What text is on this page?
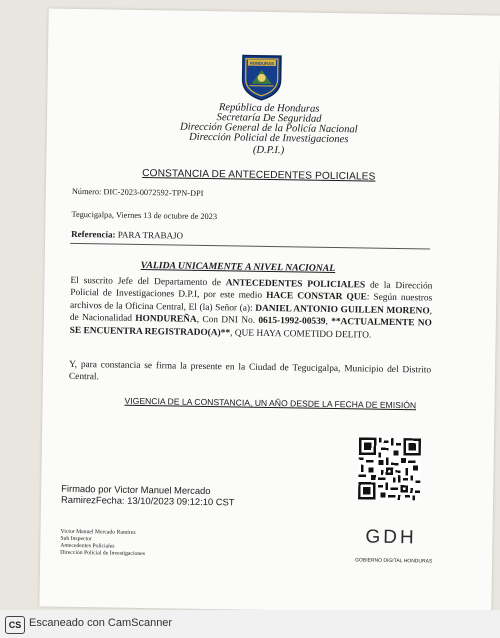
HONDURAS
República de Honduras
Secretaría De Seguridad
Dirección General de la Policía Nacional
Dirección Policial de Investigaciones
(D.P.I.)
CONSTANCIA DE ANTECEDENTES POLICIALES
Número: DIC-2023-0072592-TPN-DPI
Tegucigalpa, Viernes 13 de octubre de 2023
Referencia: PARA TRABAJO
VALIDA UNICAMENTE A NIVEL NACIONAL
El suscrito Jefe del Departamento de ANTECEDENTES POLICIALES de la Dirección Policial de Investigaciones D.P.I, por este medio HACE CONSTAR QUE: Según nuestros archivos de la Oficina Central, El (la) Señor (a): DANIEL ANTONIO GUILLEN MORENO, de Nacionalidad HONDUREÑA, Con DNI No. 0615-1992-00539, **ACTUALMENTE NO SE ENCUENTRA REGISTRADO(A)**, QUE HAYA COMETIDO DELITO.
Y, para constancia se firma la presente en la Ciudad de Tegucigalpa, Municipio del Distrito Central.
VIGENCIA DE LA CONSTANCIA, UN AÑO DESDE LA FECHA DE EMISIÓN
Firmado por Victor Manuel Mercado
RamirezFecha: 13/10/2023 09:12:10 CST
Victor Manuel Mercado Ramírez
Sub Inspector
Antecedentes Policiales
Dirección Policial de Investigaciones
GDH
GOBIERNO DIGITAL HONDURAS
CS Escaneado con CamScanner
